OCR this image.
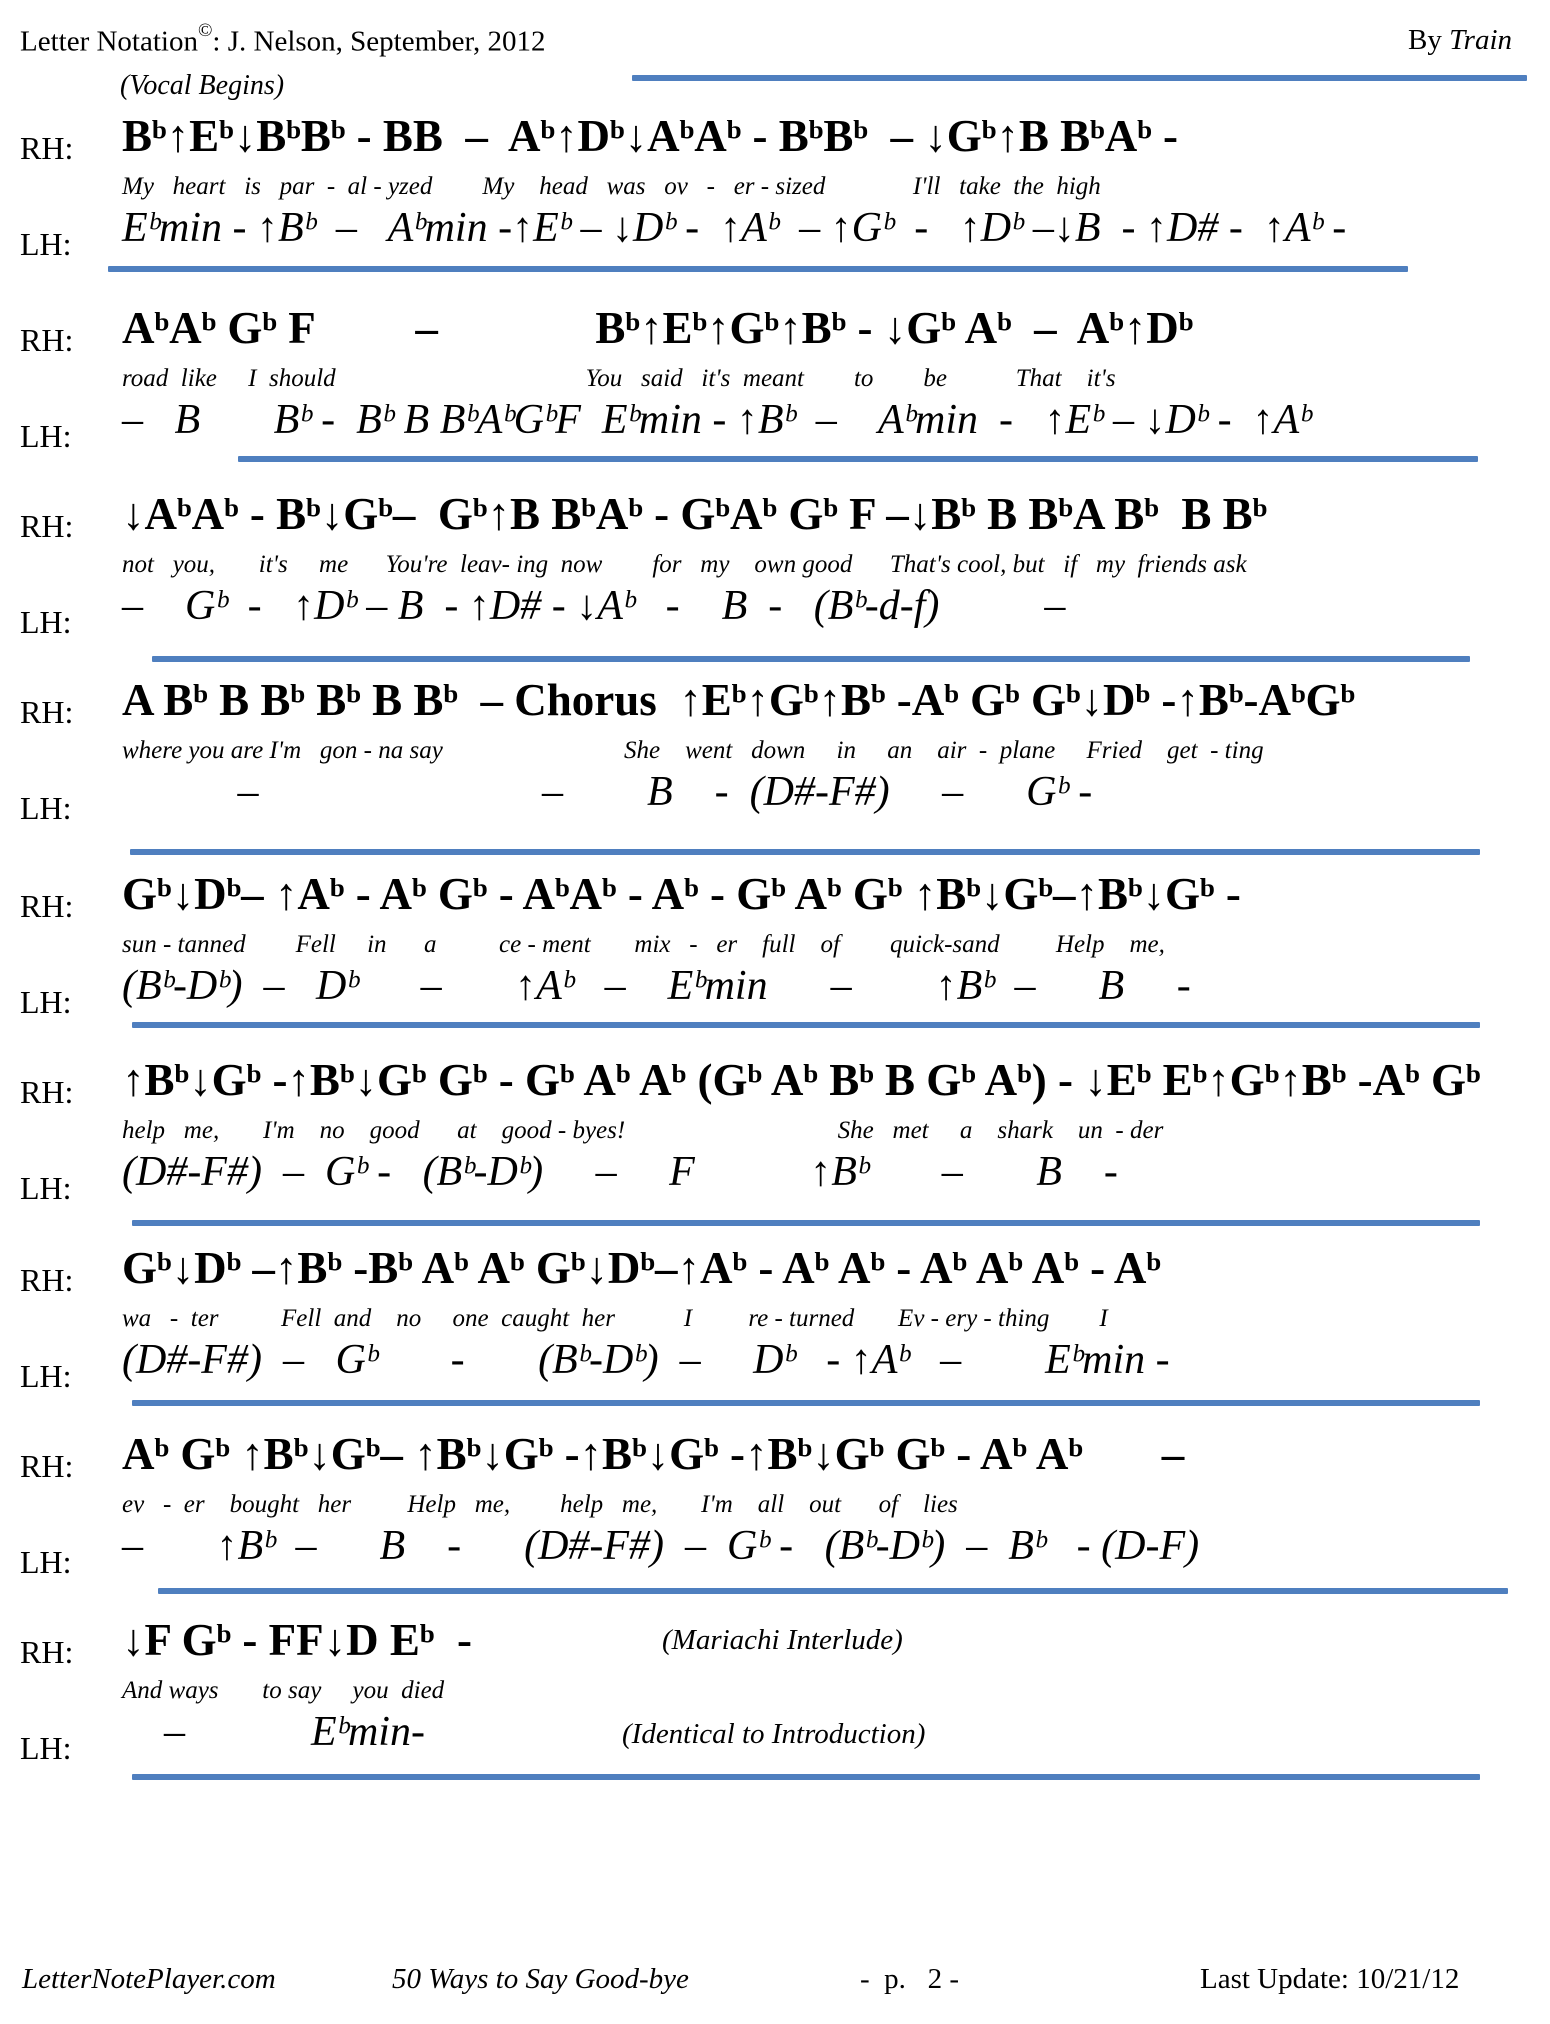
Letter Notation©: J. Nelson, September, 2012	By Train
(Vocal Begins)
RH: Bᵇ↑Eᵇ↓BᵇBᵇ - BB  –  Aᵇ↑Dᵇ↓AᵇAᵇ - BᵇBᵇ  – ↓Gᵇ↑B BᵇAᵇ -
My   heart   is   par  -  al - yzed        My    head   was   ov   -   er - sized              I'll   take  the  high
LH: Eᵇmin - ↑Bᵇ  –   Aᵇmin -↑Eᵇ – ↓Dᵇ -  ↑Aᵇ  – ↑Gᵇ  -   ↑Dᵇ –↓B  - ↑D# -  ↑Aᵇ -
RH: AᵇAᵇ Gᵇ F         –              Bᵇ↑Eᵇ↑Gᵇ↑Bᵇ - ↓Gᵇ Aᵇ  –  Aᵇ↑Dᵇ
road  like     I  should                                        You   said   it's  meant        to        be           That    it's
LH: –   B       Bᵇ -  Bᵇ B BᵇAᵇGᵇF  Eᵇmin - ↑Bᵇ  –    Aᵇmin  -   ↑Eᵇ – ↓Dᵇ -  ↑Aᵇ
RH: ↓AᵇAᵇ - Bᵇ↓Gᵇ–  Gᵇ↑B BᵇAᵇ - GᵇAᵇ Gᵇ F –↓Bᵇ B BᵇA Bᵇ  B Bᵇ
not   you,       it's     me      You're  leav- ing  now        for   my    own good      That's cool, but   if   my  friends ask
LH: –    Gᵇ  -   ↑Dᵇ – B  - ↑D# - ↓Aᵇ   -    B  -   (Bᵇ-d-f)          –
RH: A Bᵇ B Bᵇ Bᵇ B Bᵇ  – Chorus  ↑Eᵇ↑Gᵇ↑Bᵇ -Aᵇ Gᵇ Gᵇ↓Dᵇ -↑Bᵇ-AᵇGᵇ
where you are I'm   gon - na say                             She    went   down     in     an    air  -  plane     Fried    get  - ting
LH: –                           –        B    -  (D#-F#)     –      Gᵇ -
RH: Gᵇ↓Dᵇ– ↑Aᵇ - Aᵇ Gᵇ - AᵇAᵇ - Aᵇ - Gᵇ Aᵇ Gᵇ ↑Bᵇ↓Gᵇ–↑Bᵇ↓Gᵇ -
sun - tanned        Fell     in      a          ce - ment       mix   -   er    full    of        quick-sand         Help    me,
LH: (Bᵇ-Dᵇ)  –   Dᵇ      –       ↑Aᵇ   –    Eᵇmin      –        ↑Bᵇ  –      B     -
RH: ↑Bᵇ↓Gᵇ -↑Bᵇ↓Gᵇ Gᵇ - Gᵇ Aᵇ Aᵇ (Gᵇ Aᵇ Bᵇ B Gᵇ Aᵇ) - ↓Eᵇ Eᵇ↑Gᵇ↑Bᵇ -Aᵇ Gᵇ
help   me,       I'm    no    good      at    good - byes!                                  She   met     a    shark    un  - der
LH: (D#-F#)  –  Gᵇ -   (Bᵇ-Dᵇ)     –     F           ↑Bᵇ       –       B    -
RH: Gᵇ↓Dᵇ –↑Bᵇ -Bᵇ Aᵇ Aᵇ Gᵇ↓Dᵇ–↑Aᵇ - Aᵇ Aᵇ - Aᵇ Aᵇ Aᵇ - Aᵇ
wa   -  ter          Fell  and    no     one  caught  her           I         re - turned       Ev - ery - thing        I
LH: (D#-F#)  –   Gᵇ       -       (Bᵇ-Dᵇ)  –     Dᵇ   - ↑Aᵇ   –        Eᵇmin -
RH: Aᵇ Gᵇ ↑Bᵇ↓Gᵇ– ↑Bᵇ↓Gᵇ -↑Bᵇ↓Gᵇ -↑Bᵇ↓Gᵇ Gᵇ - Aᵇ Aᵇ       –
ev   -  er    bought   her         Help   me,        help   me,       I'm    all    out      of    lies
LH: –       ↑Bᵇ  –      B    -      (D#-F#)  –  Gᵇ -   (Bᵇ-Dᵇ)  –  Bᵇ   - (D-F)
RH: ↓F Gᵇ - FF↓D Eᵇ  -	(Mariachi Interlude)
And ways       to say     you  died
LH: –            Eᵇmin-	(Identical to Introduction)
LetterNotePlayer.com	50 Ways to Say Good-bye	-  p.   2 -	Last Update: 10/21/12
